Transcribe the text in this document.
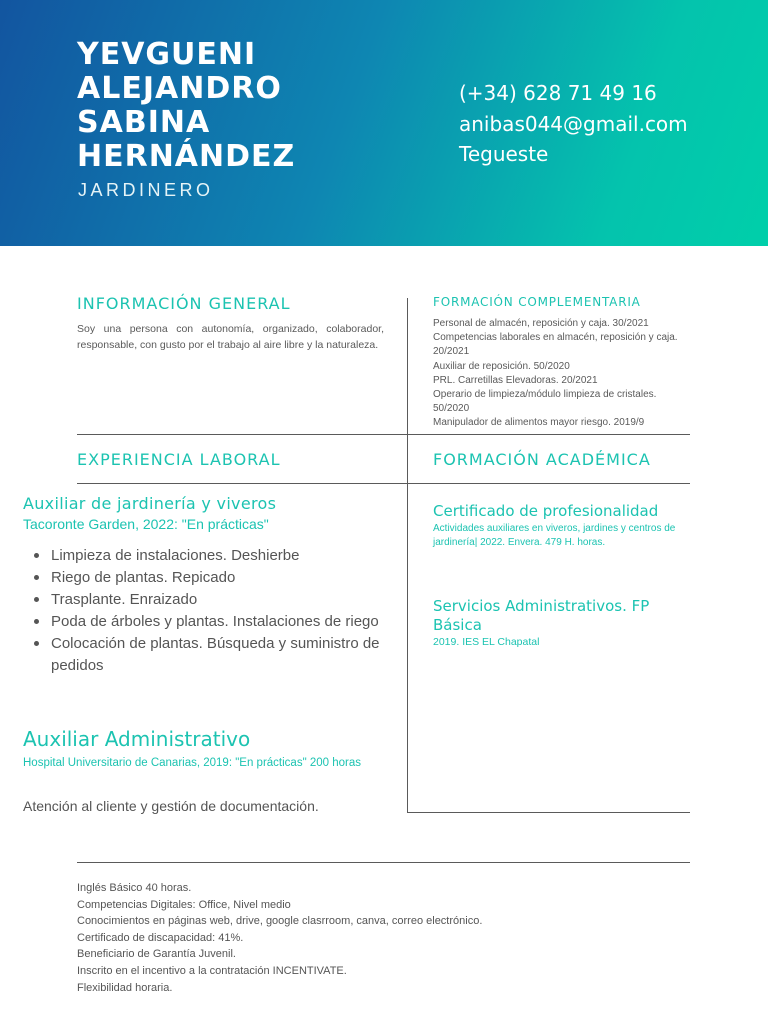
YEVGUENI
ALEJANDRO
SABINA
HERNÁNDEZ
JARDINERO
(+34) 628 71 49 16
anibas044@gmail.com
Tegueste
INFORMACIÓN GENERAL
Soy una persona con autonomía, organizado, colaborador, responsable, con gusto por el trabajo al aire libre y la naturaleza.
FORMACIÓN COMPLEMENTARIA
Personal de almacén, reposición y caja. 30/2021
Competencias laborales en almacén, reposición y caja. 20/2021
Auxiliar de reposición. 50/2020
PRL. Carretillas Elevadoras. 20/2021
Operario de limpieza/módulo limpieza de cristales. 50/2020
Manipulador de alimentos mayor riesgo. 2019/9
EXPERIENCIA LABORAL
Auxiliar de jardinería y viveros
Tacoronte Garden, 2022: "En prácticas"
Limpieza de instalaciones. Deshierbe
Riego de plantas. Repicado
Trasplante. Enraizado
Poda de árboles y plantas. Instalaciones de riego
Colocación de plantas. Búsqueda y suministro de pedidos
Auxiliar Administrativo
Hospital Universitario de Canarias, 2019: "En prácticas" 200 horas
Atención al cliente y gestión de documentación.
FORMACIÓN ACADÉMICA
Certificado de profesionalidad
Actividades auxiliares en viveros, jardines y centros de jardinería| 2022. Envera. 479 H. horas.
Servicios Administrativos. FP Básica
2019. IES EL Chapatal
Inglés Básico 40 horas.
Competencias Digitales: Office, Nivel medio
Conocimientos en páginas web, drive, google clasrroom, canva, correo electrónico.
Certificado de discapacidad: 41%.
Beneficiario de Garantía Juvenil.
Inscrito en el incentivo a la contratación INCENTIVATE.
Flexibilidad horaria.
